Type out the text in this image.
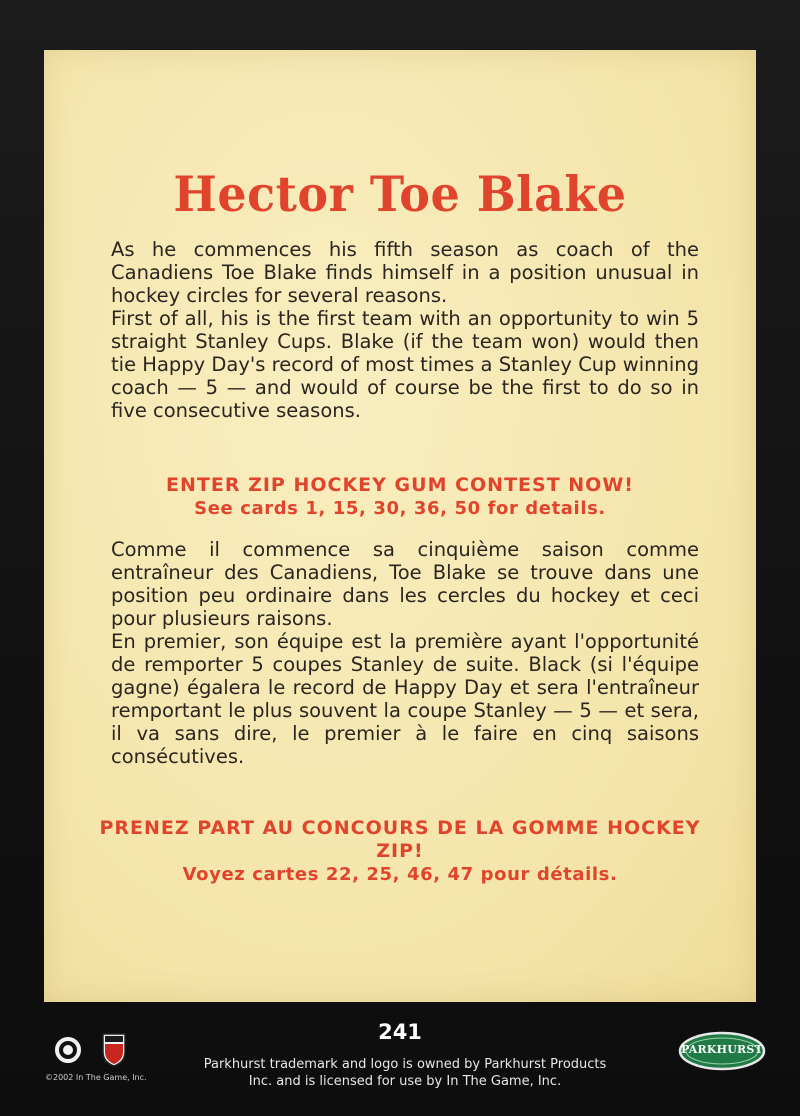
Hector Toe Blake

As he commences his fifth season as coach of the Canadiens Toe Blake finds himself in a position unusual in hockey circles for several reasons.

First of all, his is the first team with an opportunity to win 5 straight Stanley Cups. Blake (if the team won) would then tie Happy Day's record of most times a Stanley Cup winning coach — 5 — and would of course be the first to do so in five consecutive seasons.

ENTER ZIP HOCKEY GUM CONTEST NOW!
See cards 1, 15, 30, 36, 50 for details.

Comme il commence sa cinquième saison comme entraîneur des Canadiens, Toe Blake se trouve dans une position peu ordinaire dans les cercles du hockey et ceci pour plusieurs raisons.

En premier, son équipe est la première ayant l'opportunité de remporter 5 coupes Stanley de suite. Black (si l'équipe gagne) égalera le record de Happy Day et sera l'entraîneur remportant le plus souvent la coupe Stanley — 5 — et sera, il va sans dire, le premier à le faire en cinq saisons consécutives.

PRENEZ PART AU CONCOURS DE LA GOMME HOCKEY ZIP!
Voyez cartes 22, 25, 46, 47 pour détails.

©2002 In The Game, Inc.

241

Parkhurst trademark and logo is owned by Parkhurst Products
Inc. and is licensed for use by In The Game, Inc.

PARKHURST
